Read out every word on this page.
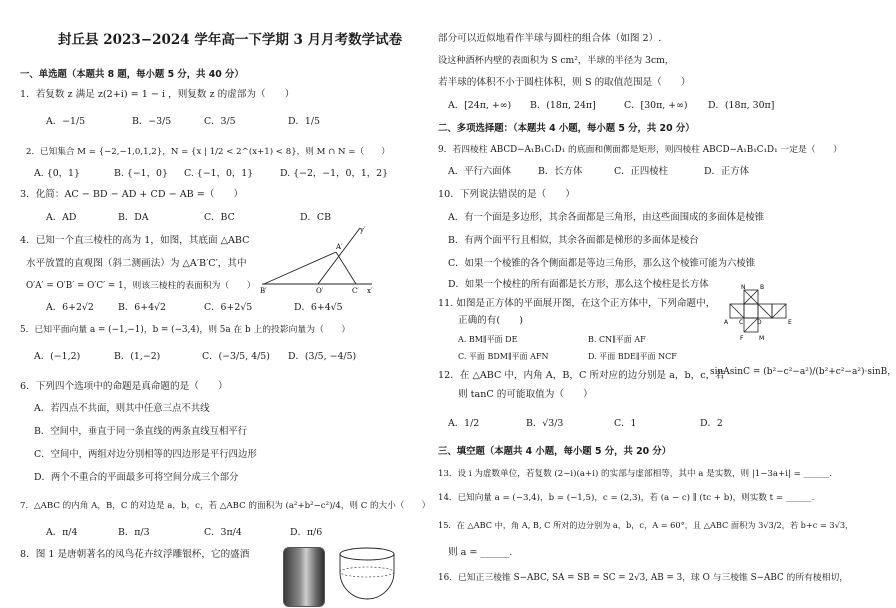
封丘县 2023−2024 学年高一下学期 3 月月考数学试卷
一、单选题（本题共 8 题，每小题 5 分，共 40 分）
1．若复数 z 满足 z(2+i) = 1 − i ，则复数 z 的虚部为（　　）
A．−1/5	B．−3/5	C．3/5	D．1/5
2．已知集合 M = {−2,−1,0,1,2}，N = {x | 1/2 < 2^(x+1) < 8}，则 M ∩ N =（　　）
A. {0，1}	B. {−1，0} C. {−1，0，1}	D. {−2，−1，0，1，2}
3．化简：AC − BD − AD + CD − AB =（　　）
A．AD	B．DA	C．BC	D．CB
4．已知一个直三棱柱的高为 1，如图，其底面 △ABC
水平放置的直观图（斜二测画法）为 △A′B′C′，其中
O′A′ = O′B′ = O′C′ = 1，则该三棱柱的表面积为（　　）
A．6+2√2	B．6+4√2	C．6+2√5	D．6+4√5
y′
A′
B′	O′	C′ x′
5．已知平面向量 a = (−1,−1)，b = (−3,4)，则 5a 在 b 上的投影向量为（　　）
A．(−1,2)	B．(1,−2)	C．(−3/5, 4/5) D．(3/5, −4/5)
6．下列四个选项中的命题是真命题的是（　　）
A．若四点不共面，则其中任意三点不共线
B．空间中，垂直于同一条直线的两条直线互相平行
C．空间中，两组对边分别相等的四边形是平行四边形
D．两个不重合的平面最多可将空间分成三个部分
7．△ABC 的内角 A，B，C 的对边是 a，b，c，若 △ABC 的面积为 (a²+b²−c²)/4，则 C 的大小（　　）
A．π/4	B．π/3	C．3π/4	D．π/6
8．图 1 是唐朝著名的凤鸟花卉纹浮雕银杯，它的盛酒
部分可以近似地看作半球与圆柱的组合体（如图 2）.
设这种酒杯内壁的表面积为 S cm²，半球的半径为 3cm，
若半球的体积不小于圆柱体积，则 S 的取值范围是（　　）
A．[24π, +∞) B．(18π, 24π]	C．[30π, +∞) D．(18π, 30π]
二、多项选择题：（本题共 4 小题，每小题 5 分，共 20 分）
9．若四棱柱 ABCD−A₁B₁C₁D₁ 的底面和侧面都是矩形，则四棱柱 ABCD−A₁B₁C₁D₁ 一定是（　　）
A．平行六面体	B．长方体	C．正四棱柱	D．正方体
10．下列说法错误的是（　　）
A．有一个面是多边形，其余各面都是三角形，由这些面围成的多面体是棱锥
B．有两个面平行且相似，其余各面都是梯形的多面体是棱台
C．如果一个棱锥的各个侧面都是等边三角形，那么这个棱锥可能为六棱锥
D．如果一个棱柱的所有面都是长方形，那么这个棱柱是长方体
11. 如图是正方体的平面展开图，在这个正方体中，下列命题中，
正确的有(　　)
A. BM∥平面 DE	B. CN∥平面 AF
C. 平面 BDM∥平面 AFN	D. 平面 BDE∥平面 NCF
N B
A C D	E
F	M
12．在 △ABC 中，内角 A，B，C 所对应的边分别是 a，b，c，若
sinAsinC = (b²−c²−a²)/(b²+c²−a²)·sinB，
则 tanC 的可能取值为（　　）
A．1/2	B．√3/3	C．1	D．2
三、填空题（本题共 4 小题，每小题 5 分，共 20 分）
13．设 i 为虚数单位，若复数 (2−i)(a+i) 的实部与虚部相等，其中 a 是实数，则 |1−3a+i| = ______.
14．已知向量 a = (−3,4)，b = (−1,5)，c = (2,3)，若 (a − c) ∥ (tc + b)，则实数 t = ______.
15．在 △ABC 中，角 A, B, C 所对的边分别为 a，b，c，A = 60°，且 △ABC 面积为 3√3/2，若 b+c = 3√3，
则 a = ______.
16．已知正三棱锥 S−ABC, SA = SB = SC = 2√3, AB = 3，球 O 与三棱锥 S−ABC 的所有棱相切，
